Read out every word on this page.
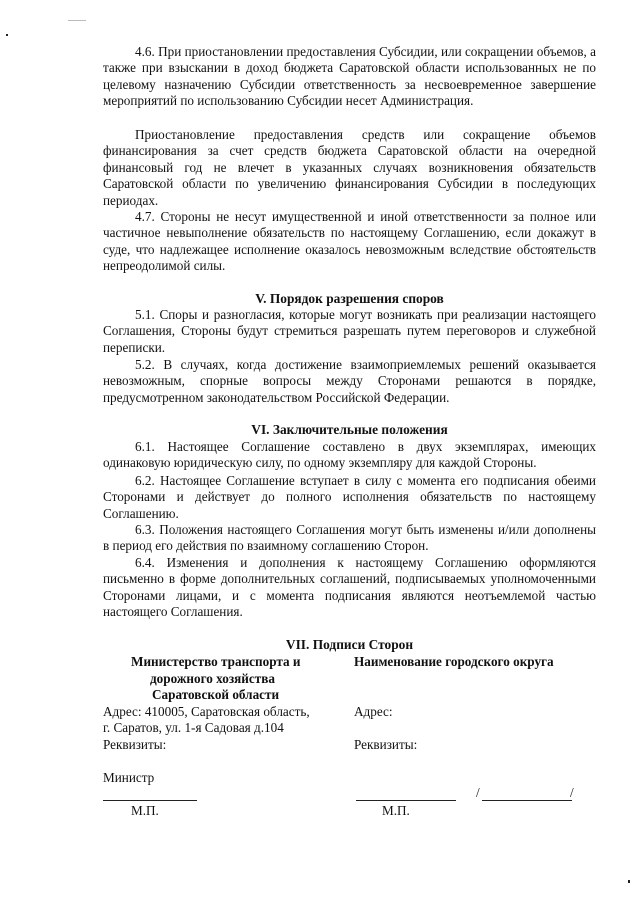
4.6. При приостановлении предоставления Субсидии, или сокращении объемов, а также при взыскании в доход бюджета Саратовской области использованных не по целевому назначению Субсидии ответственность за несвоевременное завершение мероприятий по использованию Субсидии несет Администрация.
Приостановление предоставления средств или сокращение объемов финансирования за счет средств бюджета Саратовской области на очередной финансовый год не влечет в указанных случаях возникновения обязательств Саратовской области по увеличению финансирования Субсидии в последующих периодах.
4.7. Стороны не несут имущественной и иной ответственности за полное или частичное невыполнение обязательств по настоящему Соглашению, если докажут в суде, что надлежащее исполнение оказалось невозможным вследствие обстоятельств непреодолимой силы.
V. Порядок разрешения споров
5.1. Споры и разногласия, которые могут возникать при реализации настоящего Соглашения, Стороны будут стремиться разрешать путем переговоров и служебной переписки.
5.2. В случаях, когда достижение взаимоприемлемых решений оказывается невозможным, спорные вопросы между Сторонами решаются в порядке, предусмотренном законодательством Российской Федерации.
VI. Заключительные положения
6.1. Настоящее Соглашение составлено в двух экземплярах, имеющих одинаковую юридическую силу, по одному экземпляру для каждой Стороны.
6.2. Настоящее Соглашение вступает в силу с момента его подписания обеими Сторонами и действует до полного исполнения обязательств по настоящему Соглашению.
6.3. Положения настоящего Соглашения могут быть изменены и/или дополнены в период его действия по взаимному соглашению Сторон.
6.4. Изменения и дополнения к настоящему Соглашению оформляются письменно в форме дополнительных соглашений, подписываемых уполномоченными Сторонами лицами, и с момента подписания являются неотъемлемой частью настоящего Соглашения.
VII. Подписи Сторон
Министерство транспорта и
дорожного хозяйства
Саратовской области
Адрес: 410005, Саратовская область,
г. Саратов, ул. 1-я Садовая д.104
Реквизиты:
Министр
М.П.
Наименование городского округа
Адрес:
Реквизиты:
/	/
М.П.
